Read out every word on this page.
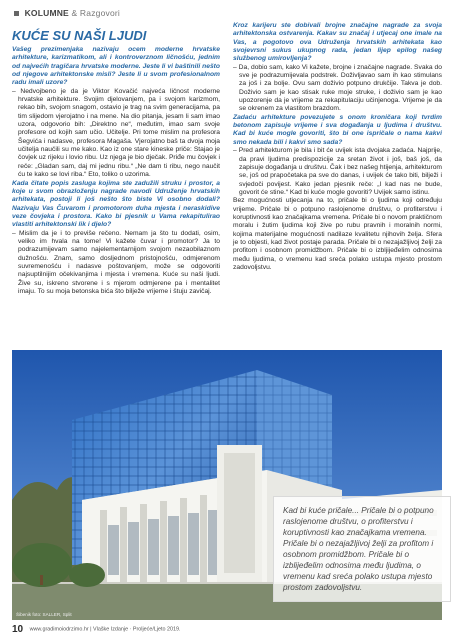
KOLUMNE & Razgovori
KUĆE SU NAŠI LJUDI

Vašeg prezimenjaka nazivaju ocem moderne hrvatske arhitekture, karizmatikom, ali i kontroverznom ličnošću, jednim od najvećih tragičara hrvatske moderne. Jeste li vi baštinili nešto od njegove arhitektonske misli? Jeste li u svom profesionalnom radu imali uzore?

– Nedvojbeno je da je Viktor Kovačić najveća ličnost moderne hrvatske arhitekture. Svojim djelovanjem, pa i svojom karizmom, rekao bih, svojom snagom, ostavio je trag na svim generacijama, pa tim slijedom vjerojatno i na mene. Na dio pitanja, jesam li sam imao uzora, odgovorio bih: „Direktno ne“, međutim, imao sam svoje profesore od kojih sam učio. Učitelje. Pri tome mislim na profesora Šegvića i nadasve, profesora Magaša. Vjerojatno baš ta dvoja moja učitelja naučili su me kako. Kao iz one stare kineske priče: Stajao je čovjek uz rijeku i lovio ribu. Uz njega je bio dječak. Priđe mu čovjek i reče: „Gladan sam, daj mi jednu ribu.“ „Ne dam ti ribu, nego naučit ću te kako se lovi riba.“ Eto, toliko o uzorima.

Kada čitate popis zasluga kojima ste zadužili struku i prostor, a koje u svom obrazloženju nagrade navodi Udruženje hrvatskih arhitekata, postoji li još nešto što biste Vi osobno dodali? Nazivaju Vas Čuvarom i promotorom duha mjesta i neraskidive veze čovjeka i prostora. Kako bi pjesnik u Vama rekapitulirao vlastiti arhitektonski lik i djelo?

– Mislim da je i to previše rečeno. Nemam ja što tu dodati, osim, veliko im hvala na tome! Vi kažete čuvar i promotor? Ja to podrazumijevam samo najelementarnijom svojom nezaobilaznom dužnošću. Znam, samo dosljednom pristojnošću, odmjerenom suvremenošću i nadasve poštovanjem, može se odgovoriti najsuptilnijim očekivanjima i mjesta i vremena. Kuće su naši ljudi. Žive su, iskreno stvorene i s mjerom odmjerene pa i mentalitet imaju. To su moja betonska bića što bilježe vrijeme i štuju zavičaj.

Kroz karijeru ste dobivali brojne značajne nagrade za svoja arhitektonska ostvarenja. Kakav su značaj i utjecaj one imale na Vas, a pogotovo ova Udruženja hrvatskih arhitekata kao svojevrsni sukus ukupnog rada, jedan lijep epilog našeg službenog umirovljenja?

– Da, dobio sam, kako Vi kažete, brojne i značajne nagrade. Svaka do sve je podrazumijevala podstrek. Doživljavao sam ih kao stimulans za još i za bolje. Ovu sam doživio potpuno drukčije. Takva je dob. Doživio sam je kao stisak ruke moje struke, i doživio sam je kao upozorenje da je vrijeme za rekapitulaciju učinjenoga. Vrijeme je da se okrenem za vlastitom brazdom.

Zadaću arhitekture povezujete s onom kroničara koji tvrdim betonom zapisuje vrijeme i sva događanja u ljudima i društvu. Kad bi kuće mogle govoriti, što bi one ispričale o nama kakvi smo nekada bili i kakvi smo sada?

– Pred arhitekturom je bila i bit će uvijek ista dvojaka zadaća. Najprije, da pravi ljudima predispozicije za sretan život i još, baš još, da zapisuje događanja u društvu. Čak i bez našeg htijenja, arhitekturom se, još od prapočetaka pa sve do danas, i uvijek će tako biti, bilježi i svjedoči povijest. Kako jedan pjesnik reče: „I kad nas ne bude, govorit će stine.“ Kad bi kuće mogle govoriti? Uvijek samo istinu.

Bez mogućnosti utjecanja na to, pričale bi o ljudima koji određuju vrijeme. Pričale bi o potpuno raslojenome društvu, o profiterstvu i koruptivnosti kao značajkama vremena. Pričale bi o novom praktičnom moralu i žutim ljudima koji žive po rubu pravnih i moralnih normi, kojima materijalne mogućnosti nadilaze kvalitetu njihovih želja. Sfera je to objesti, kad život postaje parada. Pričale bi o nezajažljivoj želji za profitom i osobnom promidžbom. Pričale bi o izbljijeđelim odnosima među ljudima, o vremenu kad sreća polako ustupa mjesto prostom zadovoljstvu.

Šibenik foto: SALLER, Split
Kad bi kuće pričale... Pričale bi o potpuno raslojenome društvu, o profiterstvu i koruptivnosti kao značajkama vremena. Pričale bi o nezajažljivoj želji za profitom i osobnom promidžbom. Pričale bi o izblijeđelim odnosima među ljudima, o vremenu kad sreća polako ustupa mjesto prostom zadovoljstvu.
10 www.gradimoiodrzimo.hr | Vlaške Izdanje · Proljeće/Ljeto 2019.
